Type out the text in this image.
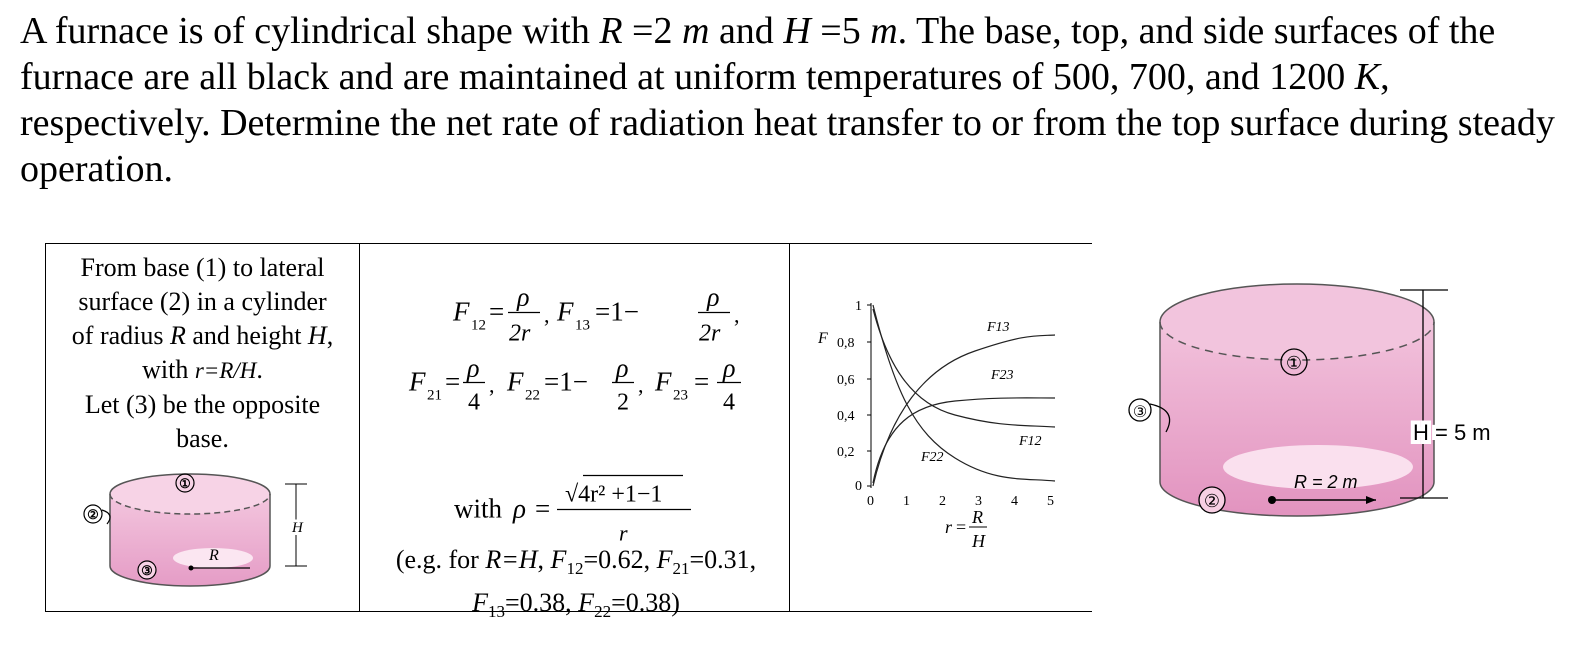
A furnace is of cylindrical shape with R =2 m and H =5 m. The base, top, and side surfaces of the furnace are all black and are maintained at uniform temperatures of 500, 700, and 1200 K, respectively. Determine the net rate of radiation heat transfer to or from the top surface during steady operation.
From base (1) to lateral
surface (2) in a cylinder
of radius R and height H,
with r=R/H.
Let (3) be the opposite
base.
①
②
③
R
H
F 12 = ρ
2r
, F 13 =1−	ρ
2r
,
F 21 = ρ
4
, F 22 =1− ρ
2
, F 23 = ρ
4
with ρ = √4r² +1−1
r
(e.g. for R=H, $F_{12}=0.62$, $F_{21}=0.31$,
$F_{13}=0.38$, $F_{22}=0.38$)
F
1
0,8
0,6
0,4
0,2
0
0 1 2 3 4 5
r = R
H
F13
F23
F12
F22
①
③
②
R = 2 m
H = 5 m
